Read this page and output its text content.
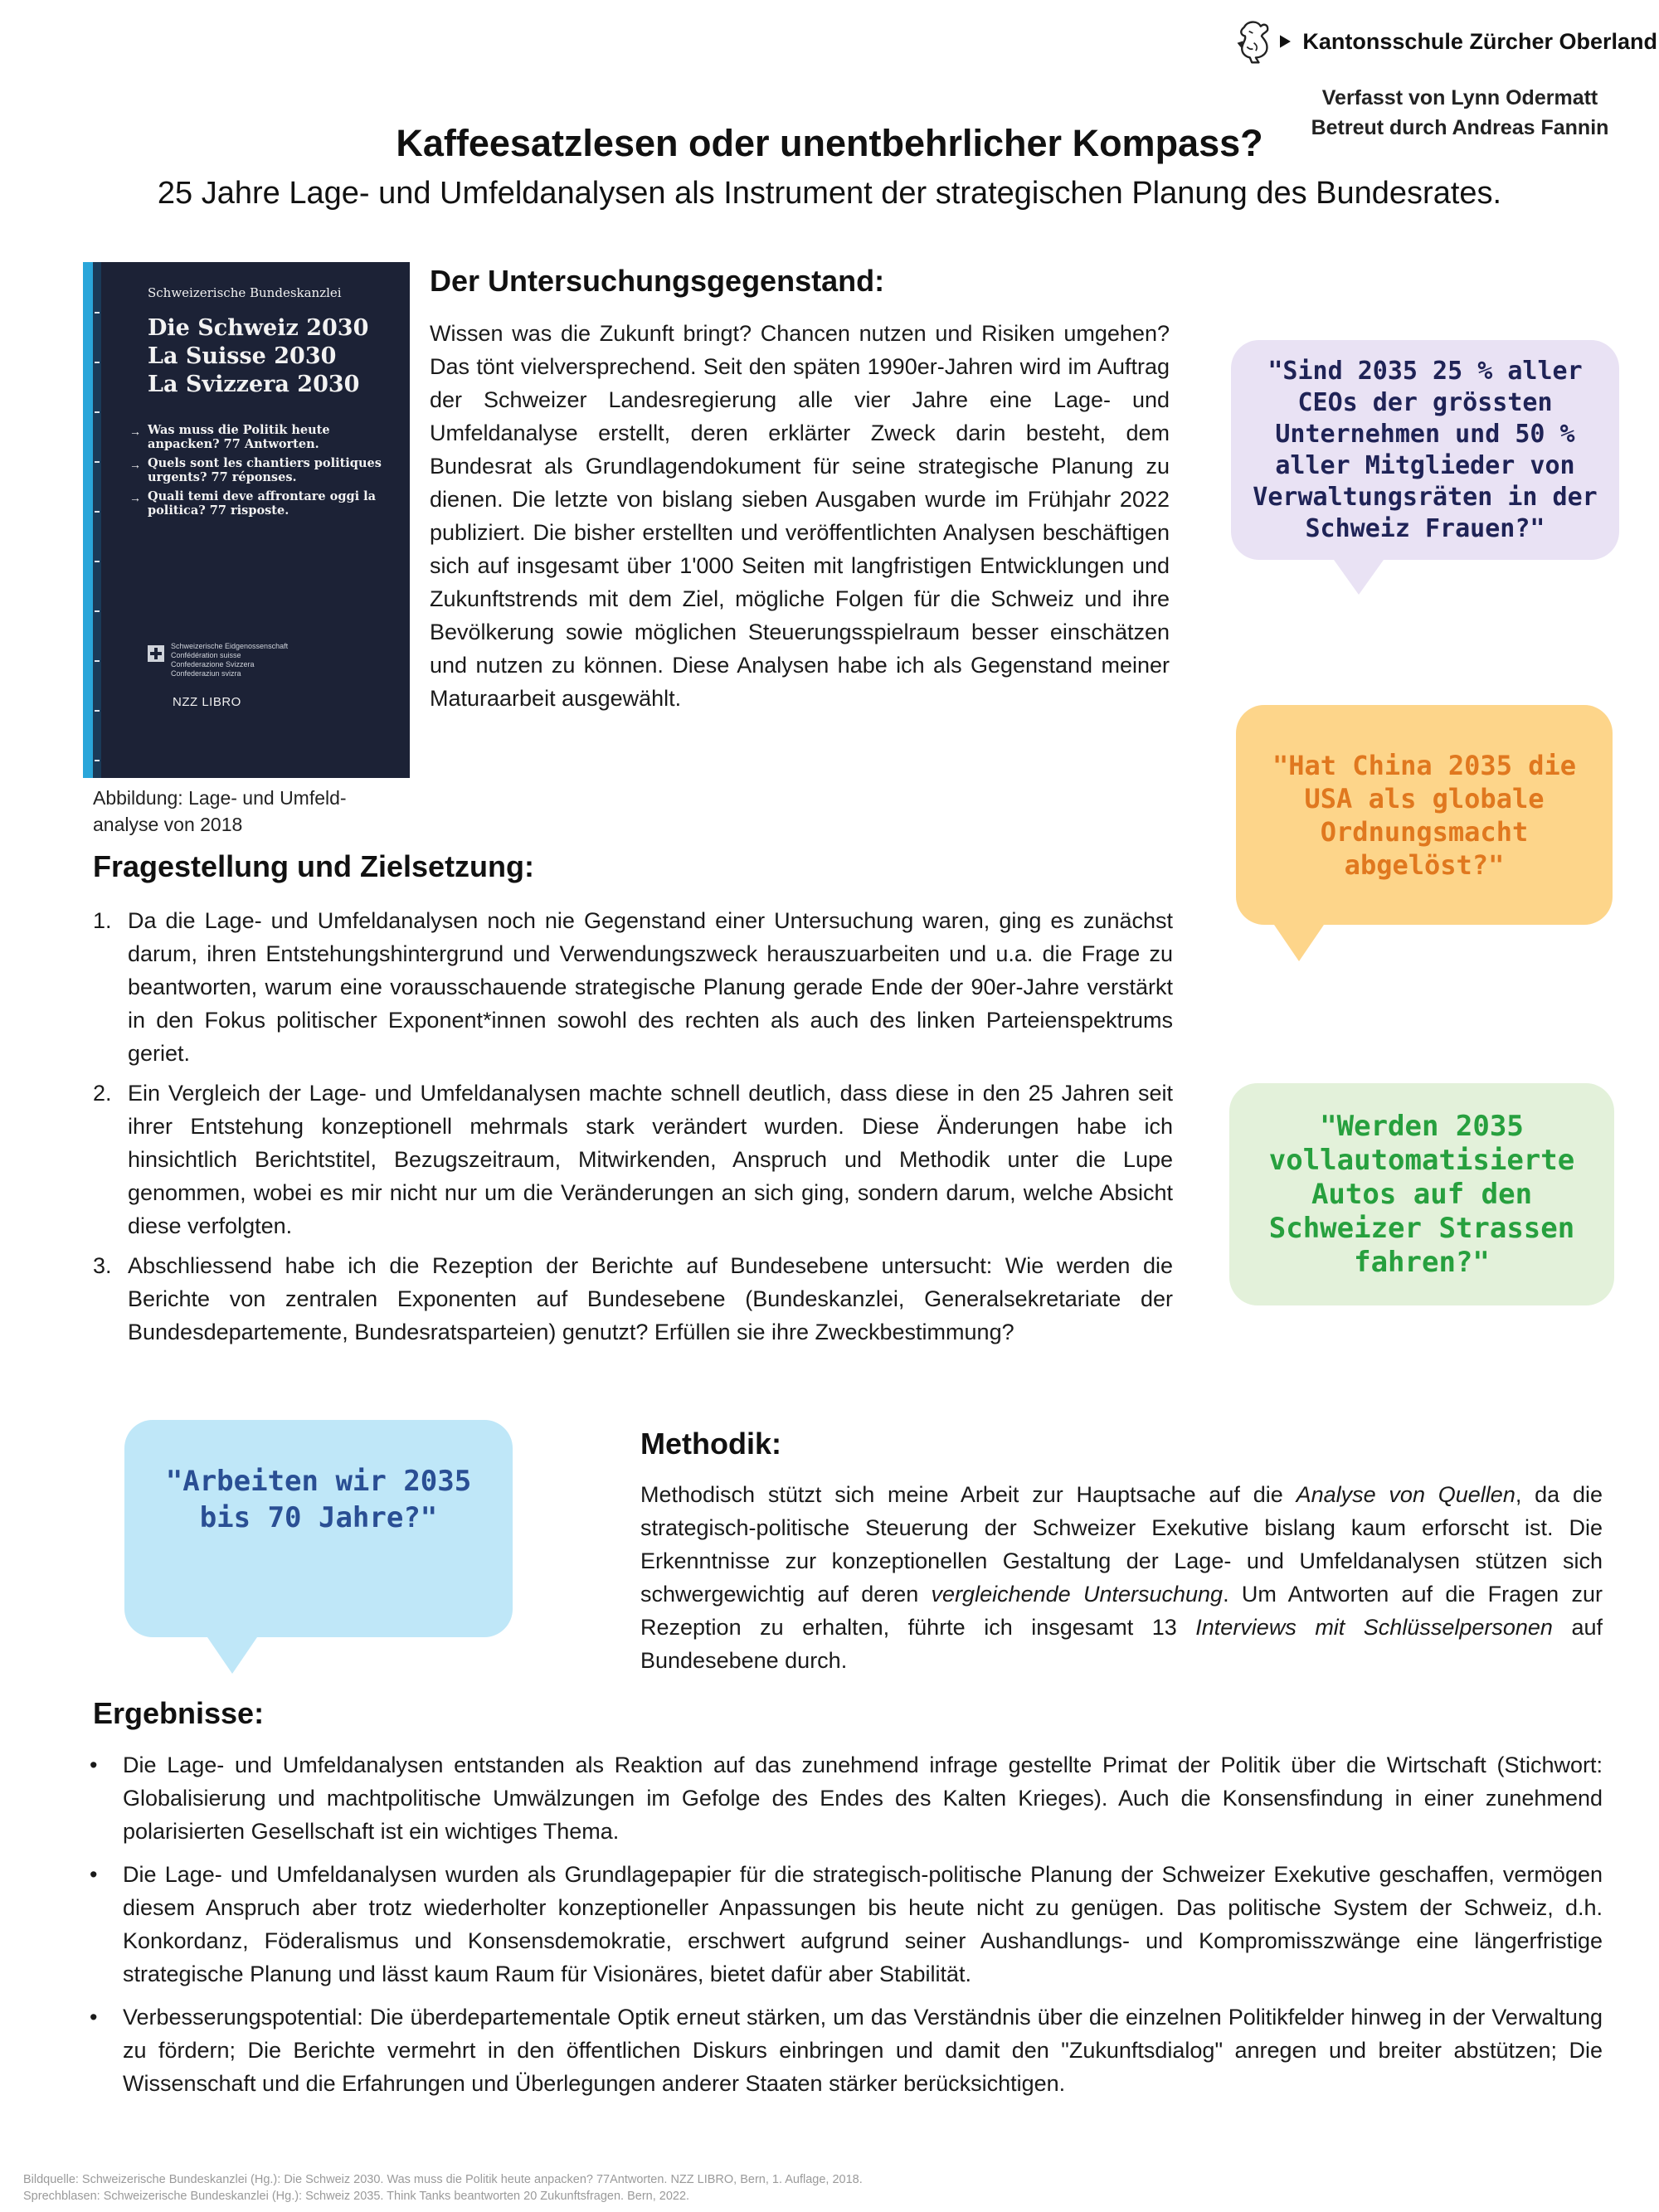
Kantonsschule Zürcher Oberland
Verfasst von Lynn Odermatt
Betreut durch Andreas Fannin
Kaffeesatzlesen oder unentbehrlicher Kompass?
25 Jahre Lage- und Umfeldanalysen als Instrument der strategischen Planung des Bundesrates.
Schweizerische Bundeskanzlei
Die Schweiz 2030
La Suisse 2030
La Svizzera 2030
→ Was muss die Politik heute anpacken? 77 Antworten.
→ Quels sont les chantiers politiques urgents? 77 réponses.
→ Quali temi deve affrontare oggi la politica? 77 risposte.
Schweizerische Eidgenossenschaft
Confédération suisse
Confederazione Svizzera
Confederaziun svizra
NZZ LIBRO
Abbildung: Lage- und Umfeld-analyse von 2018
Der Untersuchungsgegenstand:
Wissen was die Zukunft bringt? Chancen nutzen und Risiken umgehen? Das tönt vielversprechend. Seit den späten 1990er-Jahren wird im Auftrag der Schweizer Landesregierung alle vier Jahre eine Lage- und Umfeldanalyse erstellt, deren erklärter Zweck darin besteht, dem Bundesrat als Grundlagendokument für seine strategische Planung zu dienen. Die letzte von bislang sieben Ausgaben wurde im Frühjahr 2022 publiziert. Die bisher erstellten und veröffentlichten Analysen beschäftigen sich auf insgesamt über 1'000 Seiten mit langfristigen Entwicklungen und Zukunftstrends mit dem Ziel, mögliche Folgen für die Schweiz und ihre Bevölkerung sowie möglichen Steuerungsspielraum besser einschätzen und nutzen zu können. Diese Analysen habe ich als Gegenstand meiner Maturaarbeit ausgewählt.
Fragestellung und Zielsetzung:
1. Da die Lage- und Umfeldanalysen noch nie Gegenstand einer Untersuchung waren, ging es zunächst darum, ihren Entstehungshintergrund und Verwendungszweck herauszuarbeiten und u.a. die Frage zu beantworten, warum eine vorausschauende strategische Planung gerade Ende der 90er-Jahre verstärkt in den Fokus politischer Exponent*innen sowohl des rechten als auch des linken Parteienspektrums geriet.
2. Ein Vergleich der Lage- und Umfeldanalysen machte schnell deutlich, dass diese in den 25 Jahren seit ihrer Entstehung konzeptionell mehrmals stark verändert wurden. Diese Änderungen habe ich hinsichtlich Berichtstitel, Bezugszeitraum, Mitwirkenden, Anspruch und Methodik unter die Lupe genommen, wobei es mir nicht nur um die Veränderungen an sich ging, sondern darum, welche Absicht diese verfolgten.
3. Abschliessend habe ich die Rezeption der Berichte auf Bundesebene untersucht: Wie werden die Berichte von zentralen Exponenten auf Bundesebene (Bundeskanzlei, Generalsekretariate der Bundesdepartemente, Bundesratsparteien) genutzt? Erfüllen sie ihre Zweckbestimmung?
"Sind 2035 25 % aller CEOs der grössten Unternehmen und 50 % aller Mitglieder von Verwaltungsräten in der Schweiz Frauen?"
"Hat China 2035 die USA als globale Ordnungsmacht abgelöst?"
"Werden 2035 vollautomatisierte Autos auf den Schweizer Strassen fahren?"
"Arbeiten wir 2035 bis 70 Jahre?"
Methodik:
Methodisch stützt sich meine Arbeit zur Hauptsache auf die Analyse von Quellen, da die strategisch-politische Steuerung der Schweizer Exekutive bislang kaum erforscht ist. Die Erkenntnisse zur konzeptionellen Gestaltung der Lage- und Umfeldanalysen stützen sich schwergewichtig auf deren vergleichende Untersuchung. Um Antworten auf die Fragen zur Rezeption zu erhalten, führte ich insgesamt 13 Interviews mit Schlüsselpersonen auf Bundesebene durch.
Ergebnisse:
• Die Lage- und Umfeldanalysen entstanden als Reaktion auf das zunehmend infrage gestellte Primat der Politik über die Wirtschaft (Stichwort: Globalisierung und machtpolitische Umwälzungen im Gefolge des Endes des Kalten Krieges). Auch die Konsensfindung in einer zunehmend polarisierten Gesellschaft ist ein wichtiges Thema.
• Die Lage- und Umfeldanalysen wurden als Grundlagepapier für die strategisch-politische Planung der Schweizer Exekutive geschaffen, vermögen diesem Anspruch aber trotz wiederholter konzeptioneller Anpassungen bis heute nicht zu genügen. Das politische System der Schweiz, d.h. Konkordanz, Föderalismus und Konsensdemokratie, erschwert aufgrund seiner Aushandlungs- und Kompromisszwänge eine längerfristige strategische Planung und lässt kaum Raum für Visionäres, bietet dafür aber Stabilität.
• Verbesserungspotential: Die überdepartementale Optik erneut stärken, um das Verständnis über die einzelnen Politikfelder hinweg in der Verwaltung zu fördern; Die Berichte vermehrt in den öffentlichen Diskurs einbringen und damit den "Zukunftsdialog" anregen und breiter abstützen; Die Wissenschaft und die Erfahrungen und Überlegungen anderer Staaten stärker berücksichtigen.
Bildquelle: Schweizerische Bundeskanzlei (Hg.): Die Schweiz 2030. Was muss die Politik heute anpacken? 77Antworten. NZZ LIBRO, Bern, 1. Auflage, 2018.
Sprechblasen: Schweizerische Bundeskanzlei (Hg.): Schweiz 2035. Think Tanks beantworten 20 Zukunftsfragen. Bern, 2022.
